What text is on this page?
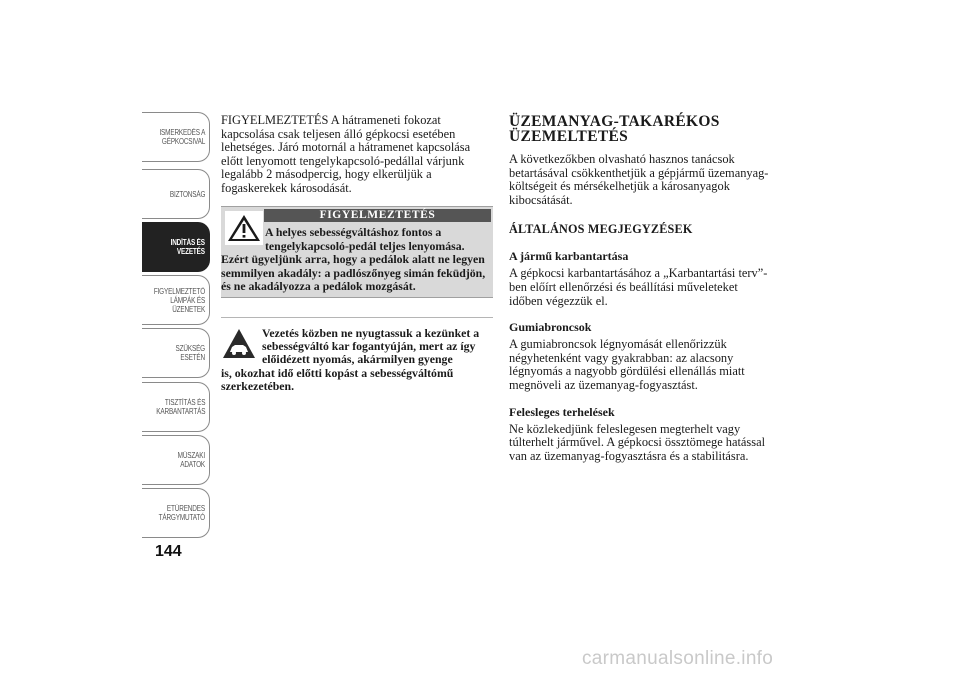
ISMERKEDÉS A
GÉPKOCSIVAL
BIZTONSÁG
INDÍTÁS ÉS
VEZETÉS
FIGYELMEZTETŐ
LÁMPÁK ÉS
ÜZENETEK
SZÜKSÉG ESETÉN
TISZTÍTÁS ÉS
KARBANTARTÁS
MŰSZAKI ADATOK
ETŰRENDES
TÁRGYMUTATÓ
144

FIGYELMEZTETÉS A hátrameneti fokozat kapcsolása csak teljesen álló gépkocsi esetében lehetséges. Járó motornál a hátramenet kapcsolása előtt lenyomott tengelykapcsoló-pedállal várjunk legalább 2 másodpercig, hogy elkerüljük a fogaskerekek károsodását.

FIGYELMEZTETÉS

A helyes sebességváltáshoz fontos a tengelykapcsoló-pedál teljes lenyomása.

Ezért ügyeljünk arra, hogy a pedálok alatt ne legyen semmilyen akadály: a padlószőnyeg simán feküdjön, és ne akadályozza a pedálok mozgását.

Vezetés közben ne nyugtassuk a kezünket a sebességváltó kar fogantyúján, mert az így előidézett nyomás, akármilyen gyenge

is, okozhat idő előtti kopást a sebességváltómű szerkezetében.

ÜZEMANYAG-TAKARÉKOS
ÜZEMELTETÉS

A következőkben olvasható hasznos tanácsok betartásával csökkenthetjük a gépjármű üzemanyag-költségeit és mérsékelhetjük a károsanyagok kibocsátását.

ÁLTALÁNOS MEGJEGYZÉSEK
A jármű karbantartása

A gépkocsi karbantartásához a „Karbantartási terv”-ben előírt ellenőrzési és beállítási műveleteket időben végezzük el.

Gumiabroncsok

A gumiabroncsok légnyomását ellenőrizzük négyhetenként vagy gyakrabban: az alacsony légnyomás a nagyobb gördülési ellenállás miatt megnöveli az üzemanyag-fogyasztást.

Felesleges terhelések

Ne közlekedjünk feleslegesen megterhelt vagy túlterhelt járművel. A gépkocsi össztömege hatással van az üzemanyag-fogyasztásra és a stabilitásra.

carmanualsonline.info
